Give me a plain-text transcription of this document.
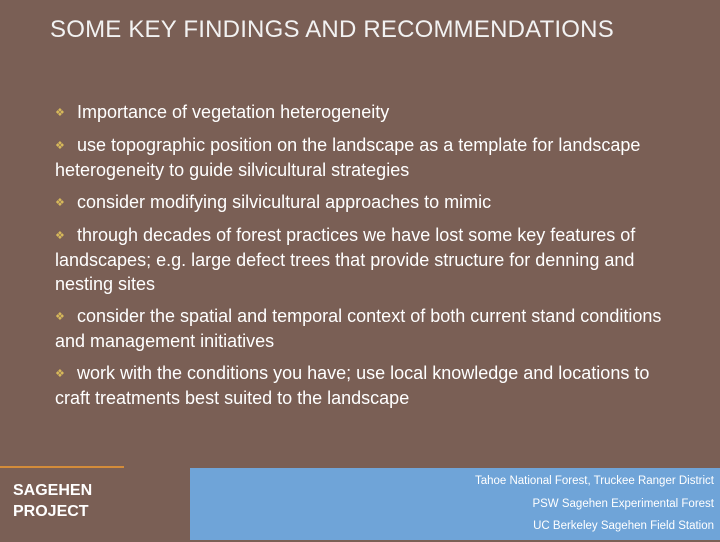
SOME KEY FINDINGS AND RECOMMENDATIONS

❖ Importance of vegetation heterogeneity

❖ use topographic position on the landscape as a template for landscape heterogeneity to guide silvicultural strategies

❖ consider modifying silvicultural approaches to mimic

❖ through decades of forest practices we have lost some key features of landscapes; e.g. large defect trees that provide structure for denning and nesting sites

❖ consider the spatial and temporal context of both current stand conditions and management initiatives

❖ work with the conditions you have; use local knowledge and locations to craft treatments best suited to the landscape

SAGEHEN
PROJECT
Tahoe National Forest, Truckee Ranger District
PSW Sagehen Experimental Forest
UC Berkeley Sagehen Field Station
